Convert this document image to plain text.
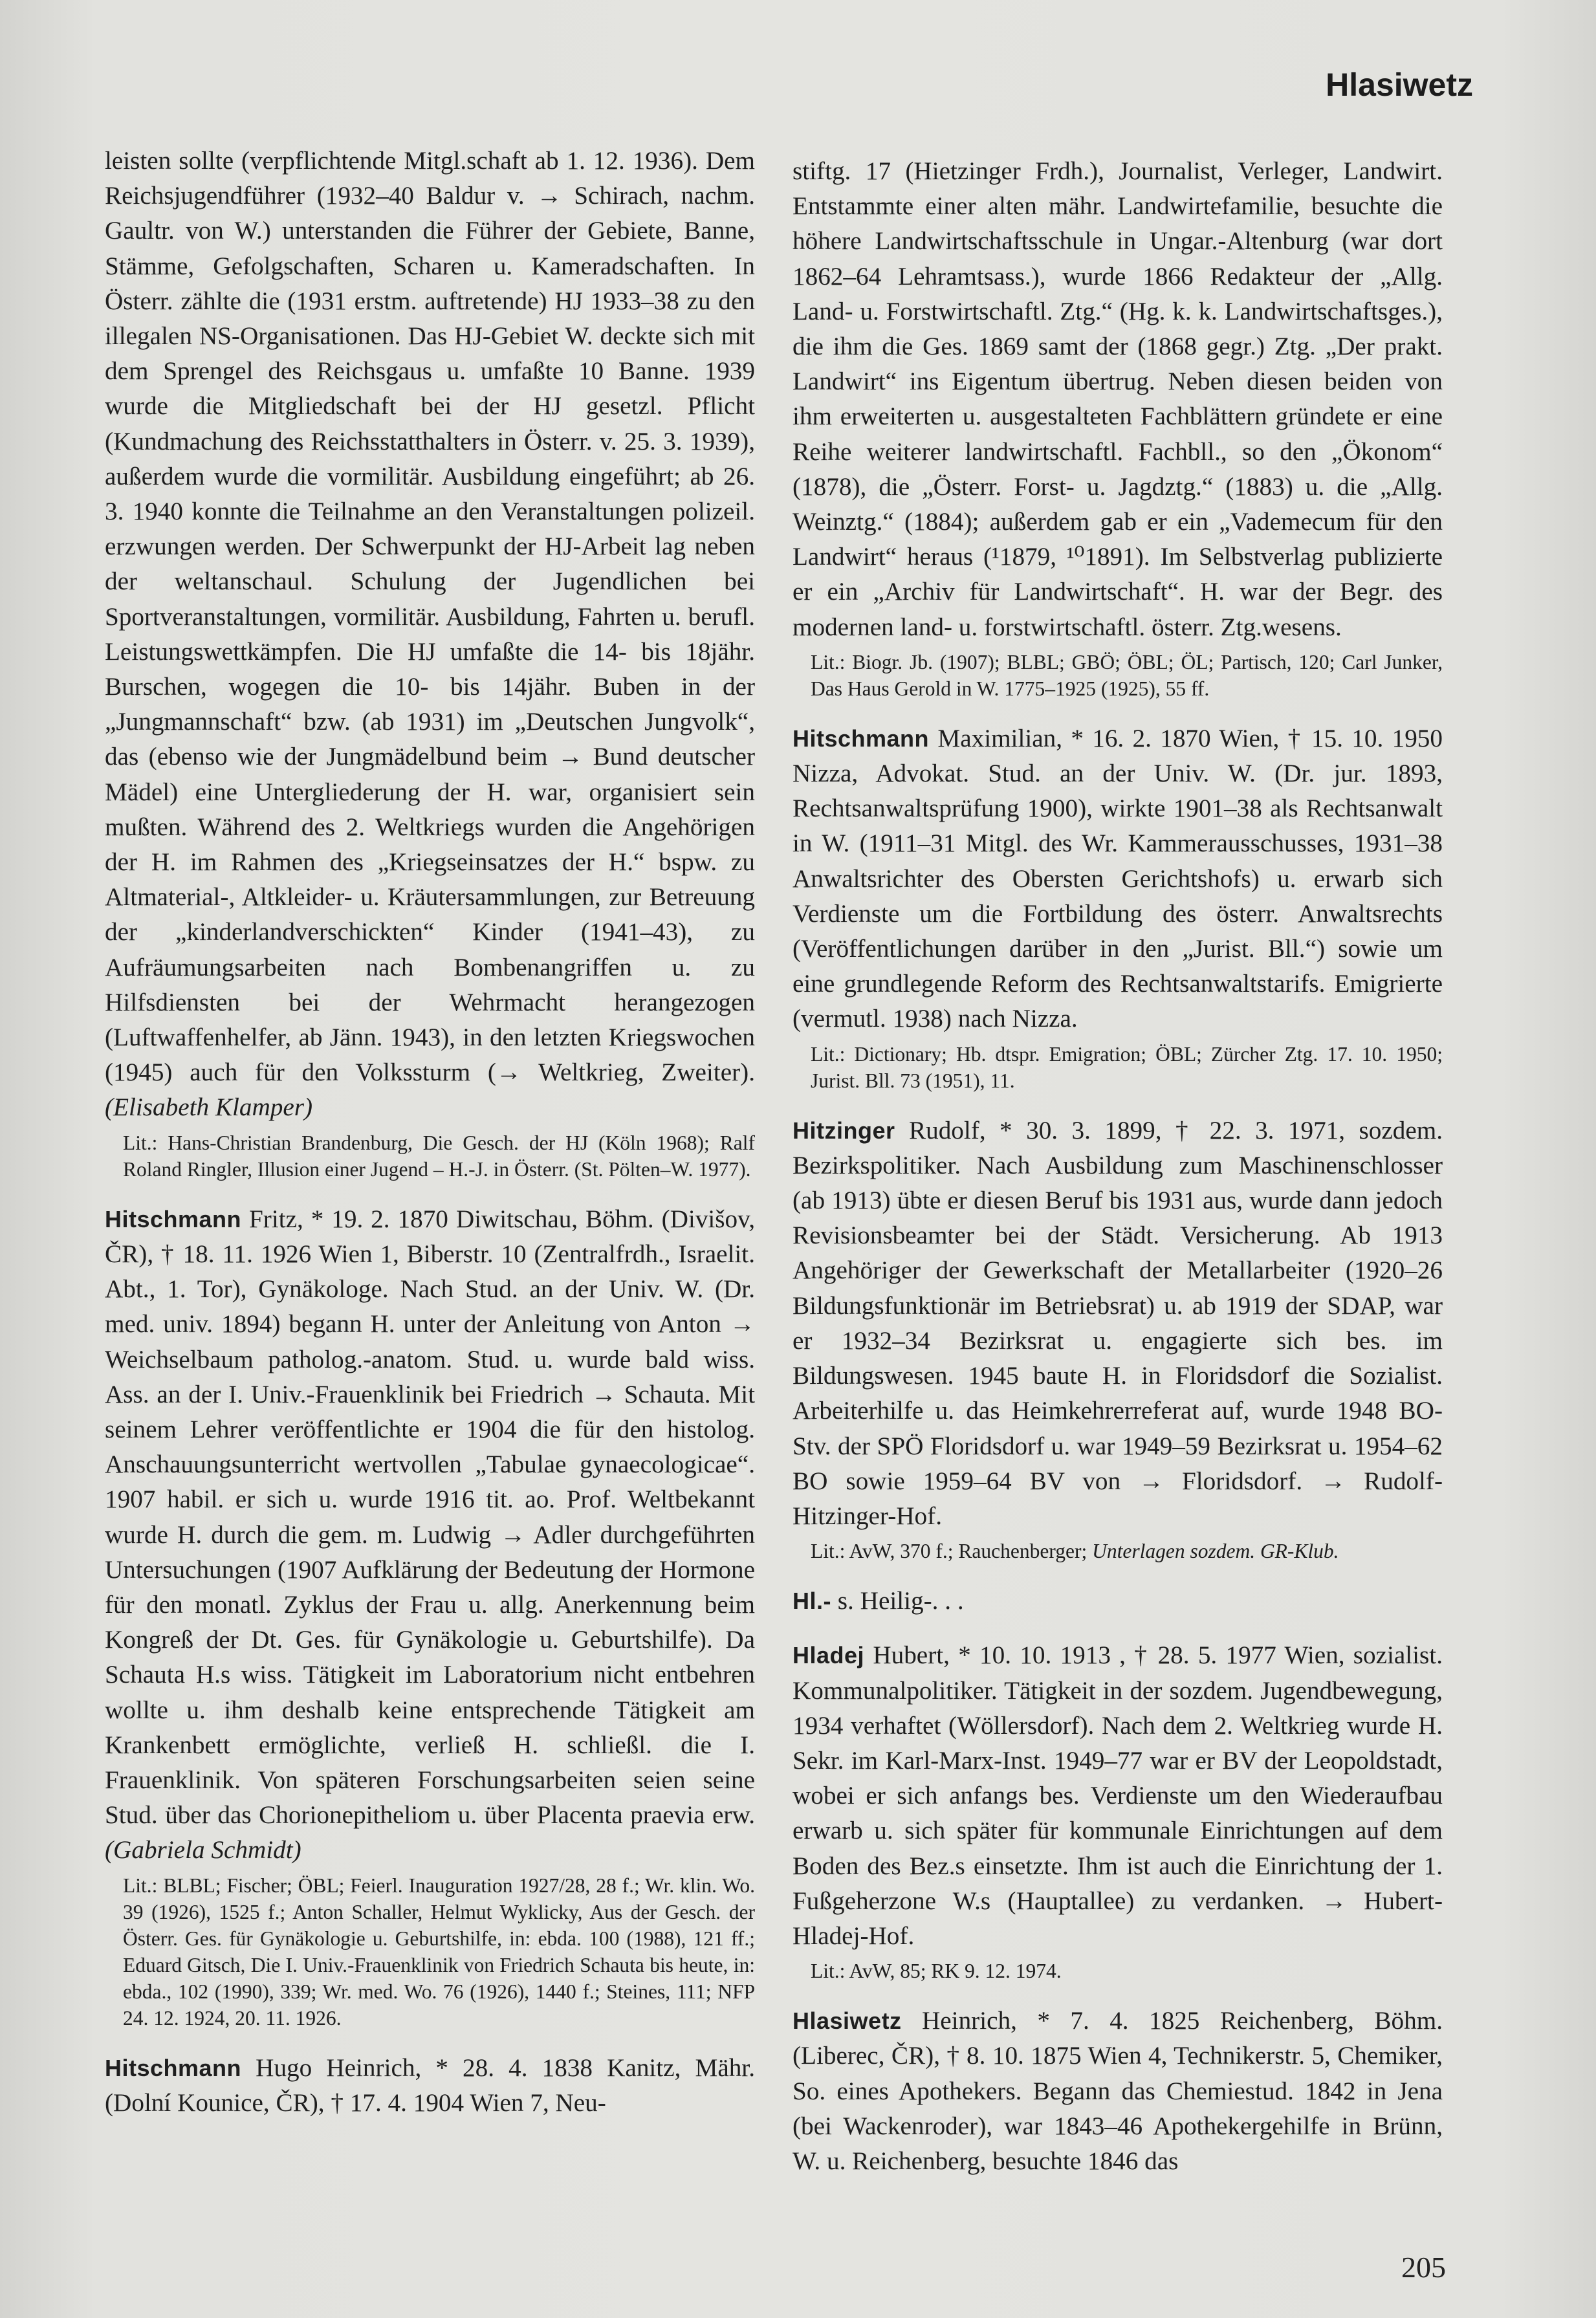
Hlasiwetz

leisten sollte (verpflichtende Mitgl.schaft ab 1. 12. 1936). Dem Reichsjugendführer (1932–40 Baldur v. → Schirach, nachm. Gaultr. von W.) unterstanden die Führer der Gebiete, Banne, Stämme, Gefolgschaften, Scharen u. Kameradschaften. In Österr. zählte die (1931 erstm. auftretende) HJ 1933–38 zu den illegalen NS-Organisationen. Das HJ-Gebiet W. deckte sich mit dem Sprengel des Reichsgaus u. umfaßte 10 Banne. 1939 wurde die Mitgliedschaft bei der HJ gesetzl. Pflicht (Kundmachung des Reichsstatthalters in Österr. v. 25. 3. 1939), außerdem wurde die vormilitär. Ausbildung eingeführt; ab 26. 3. 1940 konnte die Teilnahme an den Veranstaltungen polizeil. erzwungen werden. Der Schwerpunkt der HJ-Arbeit lag neben der weltanschaul. Schulung der Jugendlichen bei Sportveranstaltungen, vormilitär. Ausbildung, Fahrten u. berufl. Leistungswettkämpfen. Die HJ umfaßte die 14- bis 18jähr. Burschen, wogegen die 10- bis 14jähr. Buben in der „Jungmannschaft“ bzw. (ab 1931) im „Deutschen Jungvolk“, das (ebenso wie der Jungmädelbund beim → Bund deutscher Mädel) eine Untergliederung der H. war, organisiert sein mußten. Während des 2. Weltkriegs wurden die Angehörigen der H. im Rahmen des „Kriegseinsatzes der H.“ bspw. zu Altmaterial-, Altkleider- u. Kräutersammlungen, zur Betreuung der „kinderlandverschickten“ Kinder (1941–43), zu Aufräumungsarbeiten nach Bombenangriffen u. zu Hilfsdiensten bei der Wehrmacht herangezogen (Luftwaffenhelfer, ab Jänn. 1943), in den letzten Kriegswochen (1945) auch für den Volkssturm (→ Weltkrieg, Zweiter). (Elisabeth Klamper)

Lit.: Hans-Christian Brandenburg, Die Gesch. der HJ (Köln 1968); Ralf Roland Ringler, Illusion einer Jugend – H.-J. in Österr. (St. Pölten–W. 1977).

Hitschmann Fritz, * 19. 2. 1870 Diwitschau, Böhm. (Divišov, ČR), † 18. 11. 1926 Wien 1, Biberstr. 10 (Zentralfrdh., Israelit. Abt., 1. Tor), Gynäkologe. Nach Stud. an der Univ. W. (Dr. med. univ. 1894) begann H. unter der Anleitung von Anton → Weichselbaum patholog.-anatom. Stud. u. wurde bald wiss. Ass. an der I. Univ.-Frauenklinik bei Friedrich → Schauta. Mit seinem Lehrer veröffentlichte er 1904 die für den histolog. Anschauungsunterricht wertvollen „Tabulae gynaecologicae“. 1907 habil. er sich u. wurde 1916 tit. ao. Prof. Weltbekannt wurde H. durch die gem. m. Ludwig → Adler durchgeführten Untersuchungen (1907 Aufklärung der Bedeutung der Hormone für den monatl. Zyklus der Frau u. allg. Anerkennung beim Kongreß der Dt. Ges. für Gynäkologie u. Geburtshilfe). Da Schauta H.s wiss. Tätigkeit im Laboratorium nicht entbehren wollte u. ihm deshalb keine entsprechende Tätigkeit am Krankenbett ermöglichte, verließ H. schließl. die I. Frauenklinik. Von späteren Forschungsarbeiten seien seine Stud. über das Chorionepitheliom u. über Placenta praevia erw. (Gabriela Schmidt)

Lit.: BLBL; Fischer; ÖBL; Feierl. Inauguration 1927/28, 28 f.; Wr. klin. Wo. 39 (1926), 1525 f.; Anton Schaller, Helmut Wyklicky, Aus der Gesch. der Österr. Ges. für Gynäkologie u. Geburtshilfe, in: ebda. 100 (1988), 121 ff.; Eduard Gitsch, Die I. Univ.-Frauenklinik von Friedrich Schauta bis heute, in: ebda., 102 (1990), 339; Wr. med. Wo. 76 (1926), 1440 f.; Steines, 111; NFP 24. 12. 1924, 20. 11. 1926.

Hitschmann Hugo Heinrich, * 28. 4. 1838 Kanitz, Mähr. (Dolní Kounice, ČR), † 17. 4. 1904 Wien 7, Neu-

stiftg. 17 (Hietzinger Frdh.), Journalist, Verleger, Landwirt. Entstammte einer alten mähr. Landwirtefamilie, besuchte die höhere Landwirtschaftsschule in Ungar.-Altenburg (war dort 1862–64 Lehramtsass.), wurde 1866 Redakteur der „Allg. Land- u. Forstwirtschaftl. Ztg.“ (Hg. k. k. Landwirtschaftsges.), die ihm die Ges. 1869 samt der (1868 gegr.) Ztg. „Der prakt. Landwirt“ ins Eigentum übertrug. Neben diesen beiden von ihm erweiterten u. ausgestalteten Fachblättern gründete er eine Reihe weiterer landwirtschaftl. Fachbll., so den „Ökonom“ (1878), die „Österr. Forst- u. Jagdztg.“ (1883) u. die „Allg. Weinztg.“ (1884); außerdem gab er ein „Vademecum für den Landwirt“ heraus (¹1879, ¹⁰1891). Im Selbstverlag publizierte er ein „Archiv für Landwirtschaft“. H. war der Begr. des modernen land- u. forstwirtschaftl. österr. Ztg.wesens.

Lit.: Biogr. Jb. (1907); BLBL; GBÖ; ÖBL; ÖL; Partisch, 120; Carl Junker, Das Haus Gerold in W. 1775–1925 (1925), 55 ff.

Hitschmann Maximilian, * 16. 2. 1870 Wien, † 15. 10. 1950 Nizza, Advokat. Stud. an der Univ. W. (Dr. jur. 1893, Rechtsanwaltsprüfung 1900), wirkte 1901–38 als Rechtsanwalt in W. (1911–31 Mitgl. des Wr. Kammerausschusses, 1931–38 Anwaltsrichter des Obersten Gerichtshofs) u. erwarb sich Verdienste um die Fortbildung des österr. Anwaltsrechts (Veröffentlichungen darüber in den „Jurist. Bll.“) sowie um eine grundlegende Reform des Rechtsanwaltstarifs. Emigrierte (vermutl. 1938) nach Nizza.

Lit.: Dictionary; Hb. dtspr. Emigration; ÖBL; Zürcher Ztg. 17. 10. 1950; Jurist. Bll. 73 (1951), 11.

Hitzinger Rudolf, * 30. 3. 1899, † 22. 3. 1971, sozdem. Bezirkspolitiker. Nach Ausbildung zum Maschinenschlosser (ab 1913) übte er diesen Beruf bis 1931 aus, wurde dann jedoch Revisionsbeamter bei der Städt. Versicherung. Ab 1913 Angehöriger der Gewerkschaft der Metallarbeiter (1920–26 Bildungsfunktionär im Betriebsrat) u. ab 1919 der SDAP, war er 1932–34 Bezirksrat u. engagierte sich bes. im Bildungswesen. 1945 baute H. in Floridsdorf die Sozialist. Arbeiterhilfe u. das Heimkehrerreferat auf, wurde 1948 BO-Stv. der SPÖ Floridsdorf u. war 1949–59 Bezirksrat u. 1954–62 BO sowie 1959–64 BV von → Floridsdorf. → Rudolf-Hitzinger-Hof.

Lit.: AvW, 370 f.; Rauchenberger; Unterlagen sozdem. GR-Klub.

Hl.- s. Heilig-. . .

Hladej Hubert, * 10. 10. 1913 , † 28. 5. 1977 Wien, sozialist. Kommunalpolitiker. Tätigkeit in der sozdem. Jugendbewegung, 1934 verhaftet (Wöllersdorf). Nach dem 2. Weltkrieg wurde H. Sekr. im Karl-Marx-Inst. 1949–77 war er BV der Leopoldstadt, wobei er sich anfangs bes. Verdienste um den Wiederaufbau erwarb u. sich später für kommunale Einrichtungen auf dem Boden des Bez.s einsetzte. Ihm ist auch die Einrichtung der 1. Fußgeherzone W.s (Hauptallee) zu verdanken. → Hubert-Hladej-Hof.

Lit.: AvW, 85; RK 9. 12. 1974.

Hlasiwetz Heinrich, * 7. 4. 1825 Reichenberg, Böhm. (Liberec, ČR), † 8. 10. 1875 Wien 4, Technikerstr. 5, Chemiker, So. eines Apothekers. Begann das Chemiestud. 1842 in Jena (bei Wackenroder), war 1843–46 Apothekergehilfe in Brünn, W. u. Reichenberg, besuchte 1846 das

205
